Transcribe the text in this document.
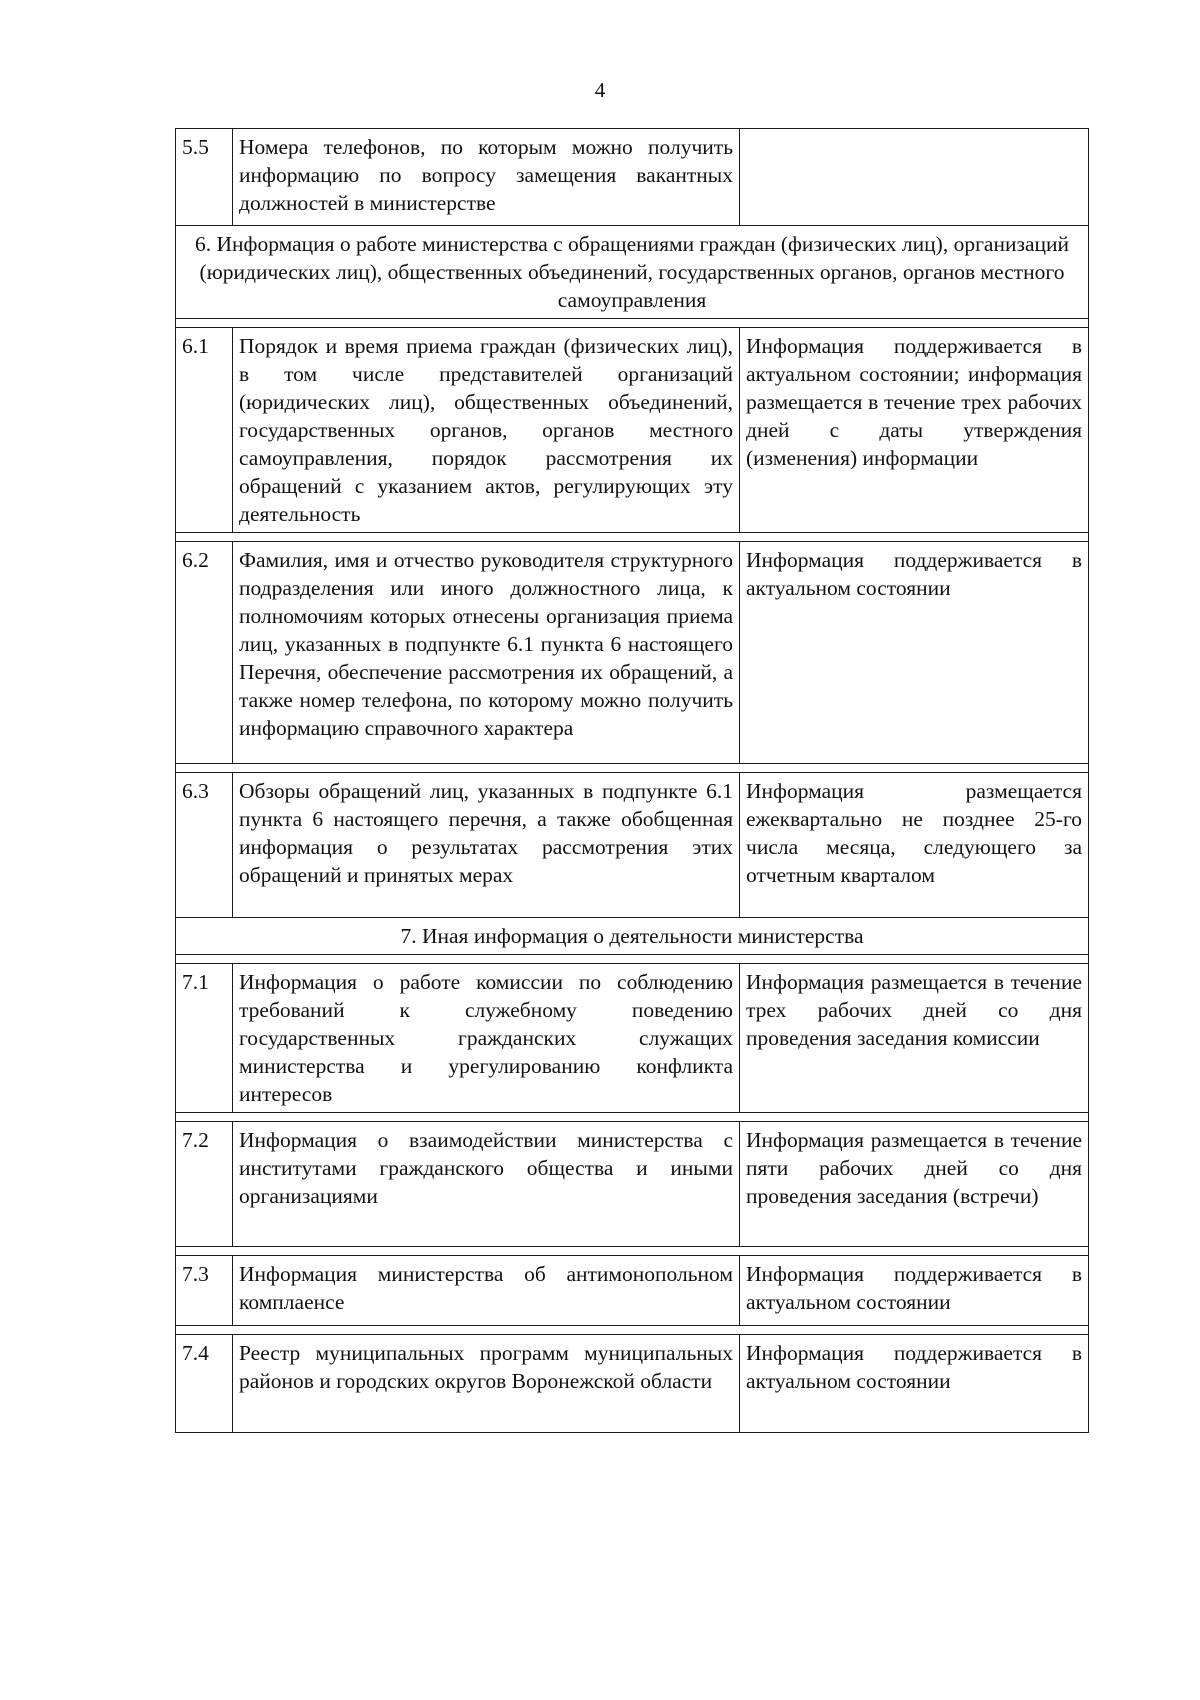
4
5.5	Номера телефонов, по которым можно получить информацию по вопросу замещения вакантных должностей в министерстве	
6. Информация о работе министерства с обращениями граждан (физических лиц), организаций (юридических лиц), общественных объединений, государственных органов, органов местного самоуправления		

6.1	Порядок и время приема граждан (физических лиц), в том числе представителей организаций (юридических лиц), общественных объединений, государственных органов, органов местного самоуправления, порядок рассмотрения их обращений с указанием актов, регулирующих эту деятельность	Информация поддерживается в актуальном состоянии; информация размещается в течение трех рабочих дней с даты утверждения (изменения) информации

6.2	Фамилия, имя и отчество руководителя структурного подразделения или иного должностного лица, к полномочиям которых отнесены организация приема лиц, указанных в подпункте 6.1 пункта 6 настоящего Перечня, обеспечение рассмотрения их обращений, а также номер телефона, по которому можно получить информацию справочного характера	Информация поддерживается в актуальном состоянии

6.3	Обзоры обращений лиц, указанных в подпункте 6.1 пункта 6 настоящего перечня, а также обобщенная информация о результатах рассмотрения этих обращений и принятых мерах	Информация размещается ежеквартально не позднее 25-го числа месяца, следующего за отчетным кварталом
7. Иная информация о деятельности министерства		

7.1	Информация о работе комиссии по соблюдению требований к служебному поведению государственных гражданских служащих министерства и урегулированию конфликта интересов	Информация размещается в течение трех рабочих дней со дня проведения заседания комиссии

7.2	Информация о взаимодействии министерства с институтами гражданского общества и иными организациями	Информация размещается в течение пяти рабочих дней со дня проведения заседания (встречи)

7.3	Информация министерства об антимонопольном комплаенсе	Информация поддерживается в актуальном состоянии

7.4	Реестр муниципальных программ муниципальных районов и городских округов Воронежской области	Информация поддерживается в актуальном состоянии
